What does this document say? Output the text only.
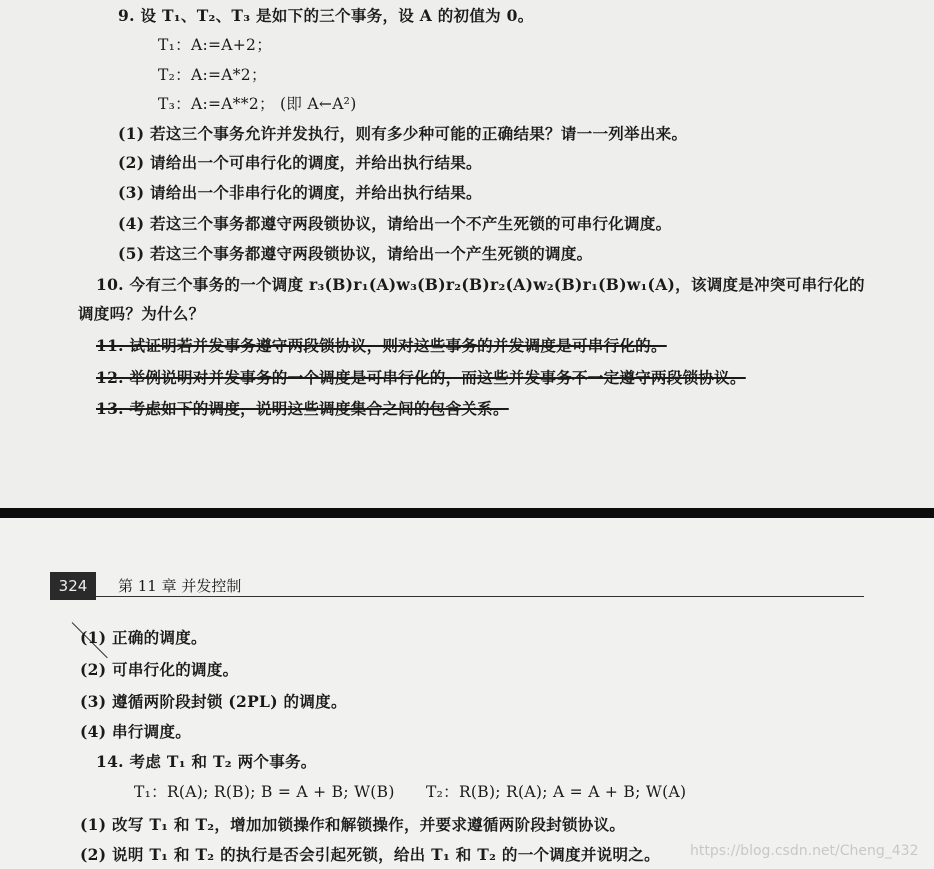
9. 设 T₁、T₂、T₃ 是如下的三个事务，设 A 的初值为 0。
T₁：A:=A+2；
T₂：A:=A*2；
T₃：A:=A**2； (即 A←A²)
(1) 若这三个事务允许并发执行，则有多少种可能的正确结果？请一一列举出来。
(2) 请给出一个可串行化的调度，并给出执行结果。
(3) 请给出一个非串行化的调度，并给出执行结果。
(4) 若这三个事务都遵守两段锁协议，请给出一个不产生死锁的可串行化调度。
(5) 若这三个事务都遵守两段锁协议，请给出一个产生死锁的调度。
10. 今有三个事务的一个调度 r₃(B)r₁(A)w₃(B)r₂(B)r₂(A)w₂(B)r₁(B)w₁(A)，该调度是冲突可串行化的
调度吗？为什么？
11. 试证明若并发事务遵守两段锁协议，则对这些事务的并发调度是可串行化的。
12. 举例说明对并发事务的一个调度是可串行化的，而这些并发事务不一定遵守两段锁协议。
13. 考虑如下的调度，说明这些调度集合之间的包含关系。
324	第 11 章 并发控制
(1) 正确的调度。
(2) 可串行化的调度。
(3) 遵循两阶段封锁 (2PL) 的调度。
(4) 串行调度。
14. 考虑 T₁ 和 T₂ 两个事务。
T₁：R(A); R(B); B = A + B; W(B) T₂：R(B); R(A); A = A + B; W(A)
(1) 改写 T₁ 和 T₂，增加加锁操作和解锁操作，并要求遵循两阶段封锁协议。
(2) 说明 T₁ 和 T₂ 的执行是否会引起死锁，给出 T₁ 和 T₂ 的一个调度并说明之。 https://blog.csdn.net/Cheng_432
